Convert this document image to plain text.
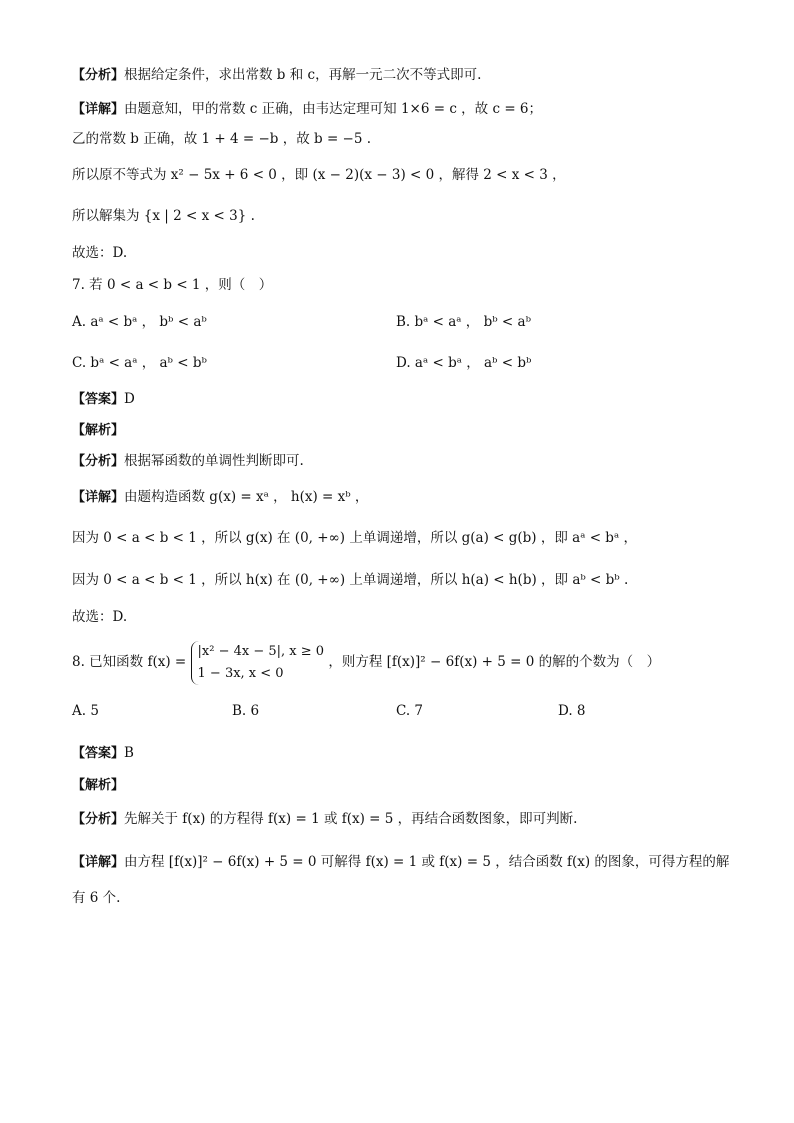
【分析】根据给定条件，求出常数 b 和 c，再解一元二次不等式即可.
【详解】由题意知，甲的常数 c 正确，由韦达定理可知 1×6 = c ，故 c = 6；
乙的常数 b 正确，故 1 + 4 = −b ，故 b = −5 .
所以原不等式为 x² − 5x + 6 < 0 ，即 (x − 2)(x − 3) < 0 ，解得 2 < x < 3 ，
所以解集为 {x | 2 < x < 3} .
故选：D.
7. 若 0 < a < b < 1 ，则（　）
A. aᵃ < bᵃ ， bᵇ < aᵇ	B. bᵃ < aᵃ ， bᵇ < aᵇ
C. bᵃ < aᵃ ， aᵇ < bᵇ	D. aᵃ < bᵃ ， aᵇ < bᵇ
【答案】D
【解析】
【分析】根据幂函数的单调性判断即可.
【详解】由题构造函数 g(x) = xᵃ ， h(x) = xᵇ ，
因为 0 < a < b < 1 ，所以 g(x) 在 (0, +∞) 上单调递增，所以 g(a) < g(b) ，即 aᵃ < bᵃ ，
因为 0 < a < b < 1 ，所以 h(x) 在 (0, +∞) 上单调递增，所以 h(a) < h(b) ，即 aᵇ < bᵇ .
故选：D.
8. 已知函数 f(x) =
|x² − 4x − 5|, x ≥ 0
1 − 3x, x < 0
，则方程 [f(x)]² − 6f(x) + 5 = 0 的解的个数为（　）
A. 5	B. 6	C. 7	D. 8
【答案】B
【解析】
【分析】先解关于 f(x) 的方程得 f(x) = 1 或 f(x) = 5 ，再结合函数图象，即可判断.
【详解】由方程 [f(x)]² − 6f(x) + 5 = 0 可解得 f(x) = 1 或 f(x) = 5 ，结合函数 f(x) 的图象，可得方程的解
有 6 个.
